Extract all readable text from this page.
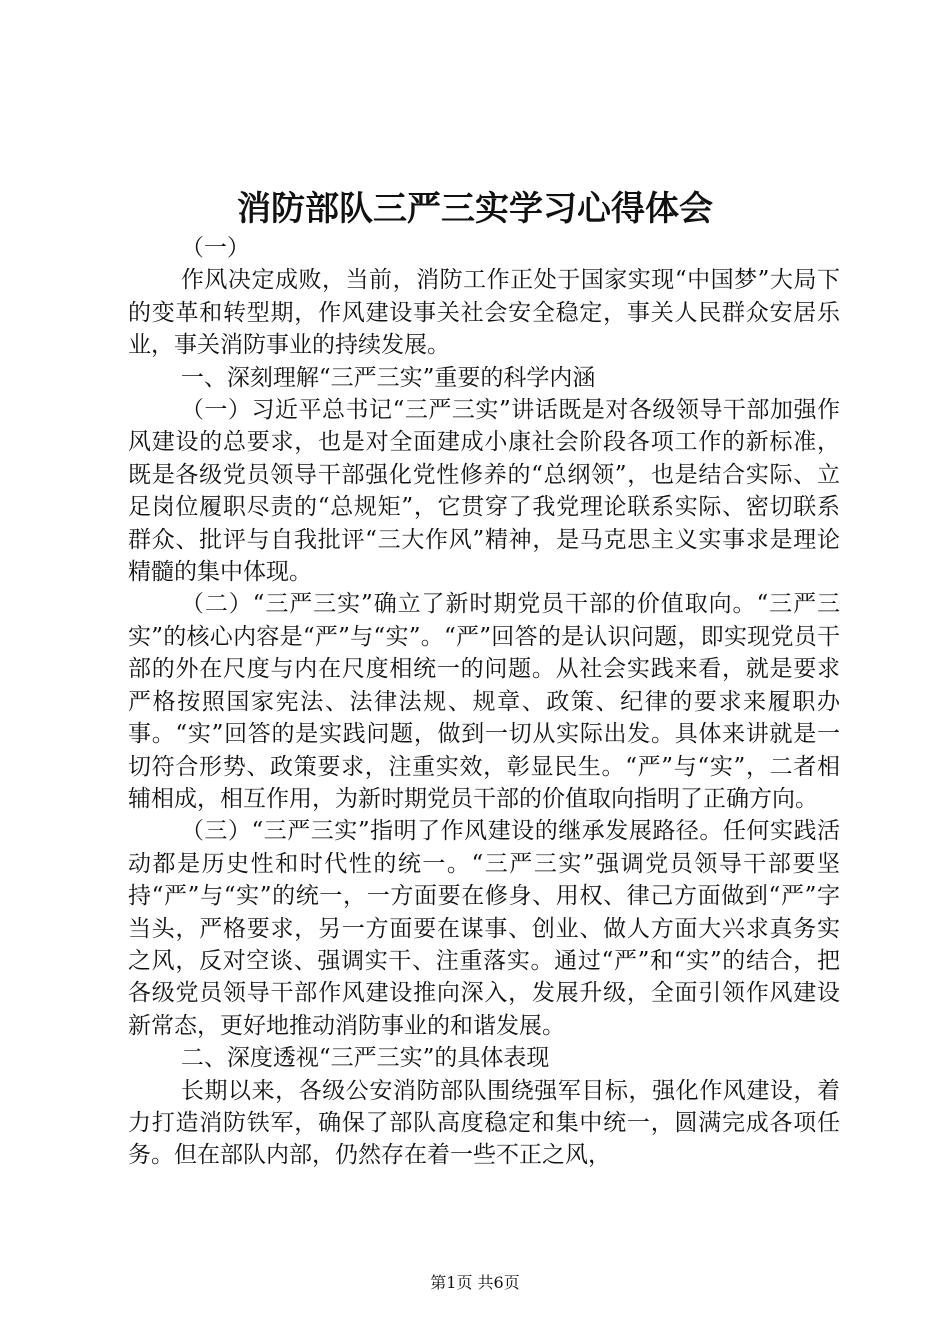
消防部队三严三实学习心得体会

（一）

作风决定成败，当前，消防工作正处于国家实现“中国梦”大局下的变革和转型期，作风建设事关社会安全稳定，事关人民群众安居乐业，事关消防事业的持续发展。

一、深刻理解“三严三实”重要的科学内涵

（一）习近平总书记“三严三实”讲话既是对各级领导干部加强作风建设的总要求，也是对全面建成小康社会阶段各项工作的新标准，既是各级党员领导干部强化党性修养的“总纲领”，也是结合实际、立足岗位履职尽责的“总规矩”，它贯穿了我党理论联系实际、密切联系群众、批评与自我批评“三大作风”精神，是马克思主义实事求是理论精髓的集中体现。

（二）“三严三实”确立了新时期党员干部的价值取向。“三严三实”的核心内容是“严”与“实”。“严”回答的是认识问题，即实现党员干部的外在尺度与内在尺度相统一的问题。从社会实践来看，就是要求严格按照国家宪法、法律法规、规章、政策、纪律的要求来履职办事。“实”回答的是实践问题，做到一切从实际出发。具体来讲就是一切符合形势、政策要求，注重实效，彰显民生。“严”与“实”，二者相辅相成，相互作用，为新时期党员干部的价值取向指明了正确方向。

（三）“三严三实”指明了作风建设的继承发展路径。任何实践活动都是历史性和时代性的统一。“三严三实”强调党员领导干部要坚持“严”与“实”的统一，一方面要在修身、用权、律己方面做到“严”字当头，严格要求，另一方面要在谋事、创业、做人方面大兴求真务实之风，反对空谈、强调实干、注重落实。通过“严”和“实”的结合，把各级党员领导干部作风建设推向深入，发展升级，全面引领作风建设新常态，更好地推动消防事业的和谐发展。

二、深度透视“三严三实”的具体表现

长期以来，各级公安消防部队围绕强军目标，强化作风建设，着力打造消防铁军，确保了部队高度稳定和集中统一，圆满完成各项任务。但在部队内部，仍然存在着一些不正之风，

第1页 共6页
